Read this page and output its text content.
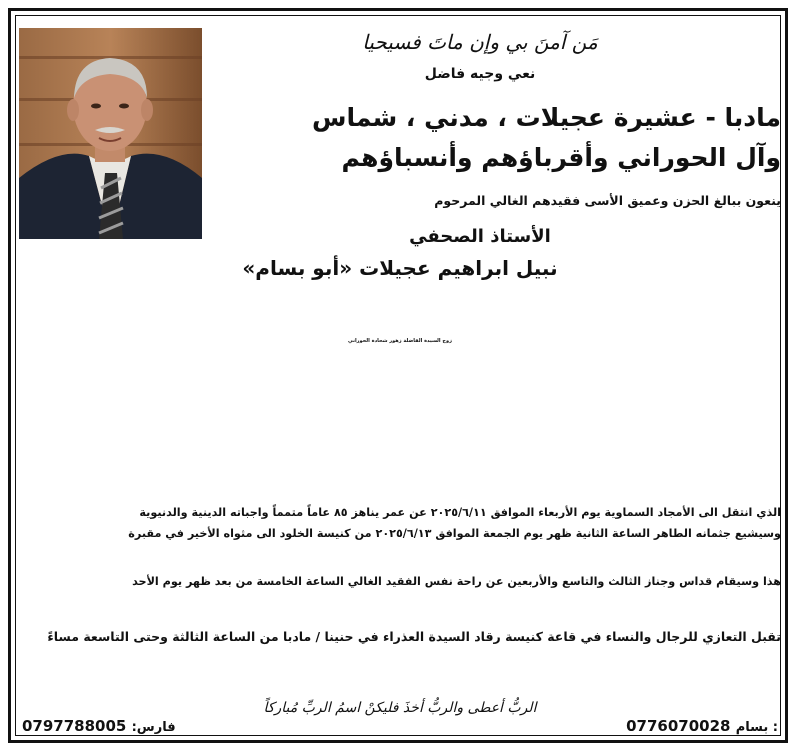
مَن آمنَ بي وإن ماتَ فسيحيا
نعي وجيه فاضل
مادبا - عشيرة عجيلات ، مدني ، شماس
وآل الحوراني وأقرباؤهم وأنسباؤهم
ينعون ببالغ الحزن وعميق الأسى فقيدهم الغالي المرحوم
الأستاذ الصحفي
نبيل ابراهيم عجيلات «أبو بسام»
زوج السيدة الفاضلة زهور شحادة الحوراني
الذي انتقل الى الأمجاد السماوية يوم الأربعاء الموافق ٢٠٢٥/٦/١١ عن عمر يناهز ٨٥ عاماً متمماً واجباته الدينية والدنيوية
وسيشيع جثمانه الطاهر الساعة الثانية ظهر يوم الجمعة الموافق ٢٠٢٥/٦/١٣ من كنيسة الخلود الى مثواه الأخير في مقبرة
هذا وسيقام قداس وجناز الثالث والتاسع والأربعين عن راحة نفس الفقيد الغالي الساعة الخامسة من بعد ظهر يوم الأحد
تقبل التعازي للرجال والنساء في قاعة كنيسة رقاد السيدة العذراء في حنينا / مادبا من الساعة الثالثة وحتى التاسعة مساءً
الربُّ أعطى والربُّ أخذَ فليكنْ اسمُ الربِّ مُباركاً
0776070028 بسام :
فارس: 0797788005
